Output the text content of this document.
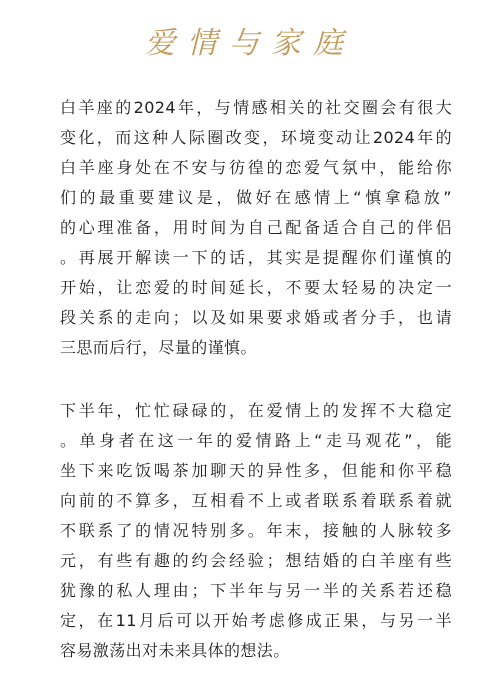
爱情与家庭
白羊座的2024年，与情感相关的社交圈会有很大
变化，而这种人际圈改变，环境变动让2024年的
白羊座身处在不安与彷徨的恋爱气氛中，能给你
们的最重要建议是，做好在感情上“慎拿稳放”
的心理准备，用时间为自己配备适合自己的伴侣
。再展开解读一下的话，其实是提醒你们谨慎的
开始，让恋爱的时间延长，不要太轻易的决定一
段关系的走向；以及如果要求婚或者分手，也请
三思而后行，尽量的谨慎。
下半年，忙忙碌碌的，在爱情上的发挥不大稳定
。单身者在这一年的爱情路上“走马观花”，能
坐下来吃饭喝茶加聊天的异性多，但能和你平稳
向前的不算多，互相看不上或者联系着联系着就
不联系了的情况特别多。年末，接触的人脉较多
元，有些有趣的约会经验；想结婚的白羊座有些
犹豫的私人理由；下半年与另一半的关系若还稳
定，在11月后可以开始考虑修成正果，与另一半
容易激荡出对未来具体的想法。
